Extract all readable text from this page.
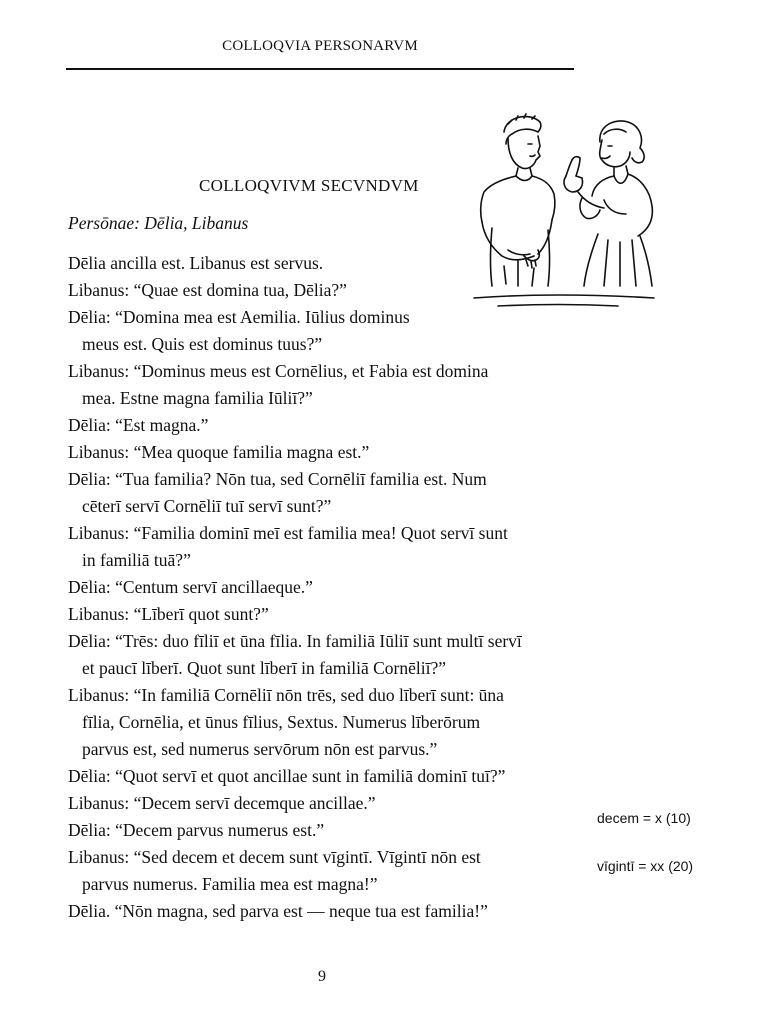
COLLOQVIA PERSONARVM
COLLOQVIVM SECVNDVM
Persōnae: Dēlia, Libanus
Dēlia ancilla est. Libanus est servus.
Libanus: “Quae est domina tua, Dēlia?”
Dēlia: “Domina mea est Aemilia. Iūlius dominus
meus est. Quis est dominus tuus?”
Libanus: “Dominus meus est Cornēlius, et Fabia est domina
mea. Estne magna familia Iūliī?”
Dēlia: “Est magna.”
Libanus: “Mea quoque familia magna est.”
Dēlia: “Tua familia? Nōn tua, sed Cornēliī familia est. Num
cēterī servī Cornēliī tuī servī sunt?”
Libanus: “Familia dominī meī est familia mea! Quot servī sunt
in familiā tuā?”
Dēlia: “Centum servī ancillaeque.”
Libanus: “Līberī quot sunt?”
Dēlia: “Trēs: duo fīliī et ūna fīlia. In familiā Iūliī sunt multī servī
et paucī līberī. Quot sunt līberī in familiā Cornēliī?”
Libanus: “In familiā Cornēliī nōn trēs, sed duo līberī sunt: ūna
fīlia, Cornēlia, et ūnus fīlius, Sextus. Numerus līberōrum
parvus est, sed numerus servōrum nōn est parvus.”
Dēlia: “Quot servī et quot ancillae sunt in familiā dominī tuī?”
Libanus: “Decem servī decemque ancillae.”
Dēlia: “Decem parvus numerus est.”
Libanus: “Sed decem et decem sunt vīgintī. Vīgintī nōn est
parvus numerus. Familia mea est magna!”
Dēlia. “Nōn magna, sed parva est — neque tua est familia!”
decem = x (10)
vīgintī = xx (20)
9
